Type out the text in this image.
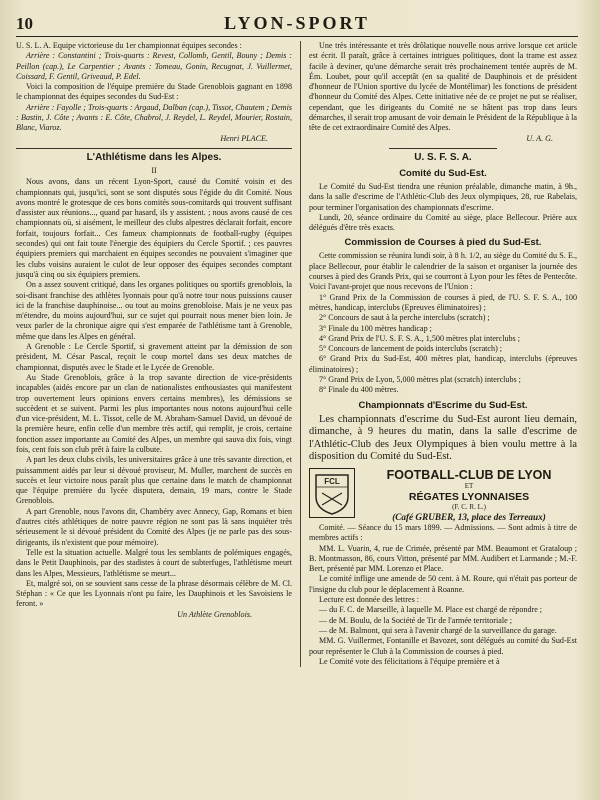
10	LYON-SPORT

U. S. L. A. Equipe victorieuse du 1er championnat équipes secondes :

Arrière : Constantini ; Trois-quarts : Revest, Collomb, Gentil, Bouny ; Demis : Peillon (cap.), Le Carpentier ; Avants : Tomeau, Gonin, Recugnat, J. Vuillermet, Coissard, F. Gentil, Griveaud, P. Edel.

Voici la composition de l'équipe première du Stade Grenoblois gagnant en 1898 le championnat des équipes secondes du Sud-Est :

Arrière : Fayolle ; Trois-quarts : Argaud, Dalban (cap.), Tissot, Chautem ; Demis : Bastin, J. Côte ; Avants : E. Côte, Chabrol, J. Reydel, L. Reydel, Mourier, Rostain, Blanc, Viaroz.

Henri PLACE.

L'Athlétisme dans les Alpes.
II

Nous avons, dans un récent Lyon-Sport, causé du Comité voisin et des championnats qui, jusqu'ici, sont se sont disputés sous l'égide du dit Comité. Nous avons montré le grotesque de ces bons comités sous-comitards qui trouvent suffisant d'assister aux réunions..., quand par hasard, ils y assistent. ; nous avons causé de ces championnats où, si aisément, le meilleur des clubs alpestres déclarait forfait, encore forfait, toujours forfait... Ces fameux championnats de football-rugby (équipes secondes) qui ont fait toute l'énergie des équipiers du Cercle Sportif. ; ces pauvres équipiers premiers qui marchaient en équipes secondes ne pouvaient s'imaginer que les clubs voisins auraient le culot de leur opposer des équipes secondes comptant jusqu'à cinq ou six équipiers premiers.

On a assez souvent critiqué, dans les organes politiques ou sportifs grenoblois, la soi-disant franchise des athlètes lyonnais pour qu'à notre tour nous puissions causer ici de la franchise dauphinoise... ou tout au moins grenobloise. Mais je ne veux pas m'étendre, du moins aujourd'hui, sur ce sujet qui pourrait nous mener bien loin. Je veux parler de la chronique aigre qui s'est emparée de l'athlétisme tant à Grenoble, même que dans les Alpes en général.

A Grenoble : Le Cercle Sportif, si gravement atteint par la démission de son président, M. César Pascal, reçoit le coup mortel dans ses deux matches de championnat, disputés avec le Stade et le Lycée de Grenoble.

Au Stade Grenoblois, grâce à la trop savante direction de vice-présidents incapables (aidés encore par un clan de nationalistes enthousiastes qui manifestent trop ouvertement leurs opinions envers certains membres), les démissions se succèdent et se suivent. Parmi les plus importantes nous notons aujourd'hui celle d'un vice-président, M. L. Tissot, celle de M. Abraham-Samuel David, un dévoué de la première heure, enfin celle d'un membre très actif, qui remplit, je crois, certaine fonction assez importante au Comité des Alpes, un membre qui sauva dix fois, vingt fois, cent fois son club prêt à faire la culbute.

A part les deux clubs civils, les universitaires grâce à une très savante direction, et puissamment aidés par leur si dévoué proviseur, M. Muller, marchent de succès en succès et leur victoire nous paraît plus que certaine dans le match de championnat que l'équipe première du lycée disputera, demain, 19 mars, contre le Stade Grenoblois.

A part Grenoble, nous l'avons dit, Chambéry avec Annecy, Gap, Romans et bien d'autres cités athlétiques de notre pauvre région ne sont pas là sans inquiéter très sérieusement le si dévoué président du Comité des Alpes (je ne parle pas des sous-dirigeants, ils n'existent que pour mémoire).

Telle est la situation actuelle. Malgré tous les semblants de polémiques engagés, dans le Petit Dauphinois, par des stadistes à court de subterfuges, l'athlétisme meurt dans les Alpes, Messieurs, l'athlétisme se meurt...

Et, malgré soi, on se souvient sans cesse de la phrase désormais célèbre de M. Cl. Stéphan : « Ce que les Lyonnais n'ont pu faire, les Dauphinois et les Savoisiens le feront. »

Un Athlète Grenoblois.

Une très intéressante et très drôlatique nouvelle nous arrive lorsque cet article est écrit. Il paraît, grâce à certaines intrigues politiques, dont la trame est assez facile à deviner, qu'une démarche serait très prochainement tentée auprès de M. Ém. Loubet, pour qu'il acceptât (en sa qualité de Dauphinois et de président d'honneur de l'Union sportive du lycée de Montélimar) les fonctions de président d'honneur du Comité des Alpes. Cette initiative née de ce projet ne put se réaliser, cependant, que les dirigeants du Comité ne se hâtent pas trop dans leurs démarches, il serait trop amusant de voir demain le Président de la République à la tête de cet extraordinaire Comité des Alpes.

U. A. G.

U. S. F. S. A.
Comité du Sud-Est.

Le Comité du Sud-Est tiendra une réunion préalable, dimanche matin, à 9h., dans la salle d'escrime de l'Athlétic-Club des Jeux olympiques, 28, rue Rabelais, pour terminer l'organisation des championnats d'escrime.

Lundi, 20, séance ordinaire du Comité au siège, place Bellecour. Prière aux délégués d'être très exacts.

Commission de Courses à pied du Sud-Est.

Cette commission se réunira lundi soir, à 8 h. 1/2, au siège du Comité du S. E., place Bellecour, pour établir le calendrier de la saison et organiser la journée des courses à pied des Grands Prix, qui se courront à Lyon pour les fêtes de Pentecôte. Voici l'avant-projet que nous recevons de l'Union :

1° Grand Prix de la Commission de courses à pied, de l'U. S. F. S. A., 100 mètres, handicap, interclubs (Epreuves éliminatoires) ;

2° Concours de saut à la perche interclubs (scratch) ;

3° Finale du 100 mètres handicap ;

4° Grand Prix de l'U. S. F. S. A., 1,500 mètres plat interclubs ;

5° Concours de lancement de poids interclubs (scratch) ;

6° Grand Prix du Sud-Est, 400 mètres plat, handicap, interclubs (épreuves éliminatoires) ;

7° Grand Prix de Lyon, 5,000 mètres plat (scratch) interclubs ;

8° Finale du 400 mètres.

Championnats d'Escrime du Sud-Est.

Les championnats d'escrime du Sud-Est auront lieu demain, dimanche, à 9 heures du matin, dans la salle d'escrime de l'Athlétic-Club des Jeux Olympiques à bien voulu mettre à la disposition du Comité du Sud-Est.

FCL	FOOTBALL-CLUB DE LYON
ET
RÉGATES LYONNAISES
(F. C. R. L.)
(Café GRUBER, 13, place des Terreaux)

Comité. — Séance du 15 mars 1899. — Admissions. — Sont admis à titre de membres actifs :

MM. L. Vuarin, 4, rue de Crimée, présenté par MM. Beaumont et Grataloup ; B. Montmasson, 86, cours Vitton, présenté par MM. Audibert et Larmande ; M.-F. Bert, présenté par MM. Lorenzo et Place.

Le comité inflige une amende de 50 cent. à M. Roure, qui n'était pas porteur de l'insigne du club pour le déplacement à Roanne.

Lecture est donnée des lettres :

— du F. C. de Marseille, à laquelle M. Place est chargé de répondre ;

— de M. Boulu, de la Société de Tir de l'armée territoriale ;

— de M. Balmont, qui sera à l'avenir chargé de la surveillance du garage.

MM. G. Vuillermet, Fontanille et Bavozet, sont délégués au comité du Sud-Est pour représenter le Club à la Commission de courses à pied.

Le Comité vote des félicitations à l'équipe première et à
